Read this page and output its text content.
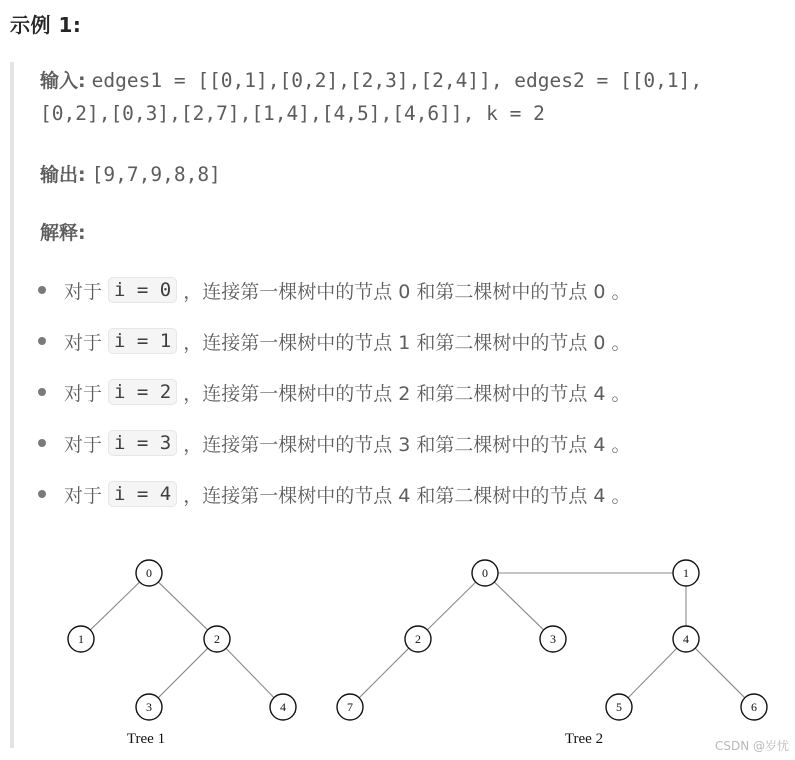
示例 1:
输入: edges1 = [[0,1],[0,2],[2,3],[2,4]], edges2 = [[0,1],
[0,2],[0,3],[2,7],[1,4],[4,5],[4,6]], k = 2
输出: [9,7,9,8,8]
解释:
对于 i = 0 ，连接第一棵树中的节点 0 和第二棵树中的节点 0 。
对于 i = 1 ，连接第一棵树中的节点 1 和第二棵树中的节点 0 。
对于 i = 2 ，连接第一棵树中的节点 2 和第二棵树中的节点 4 。
对于 i = 3 ，连接第一棵树中的节点 3 和第二棵树中的节点 4 。
对于 i = 4 ，连接第一棵树中的节点 4 和第二棵树中的节点 4 。
0
1	2
3	4
0	1
2	3	4
5	6
7
Tree 1	Tree 2	CSDN @岁忧
